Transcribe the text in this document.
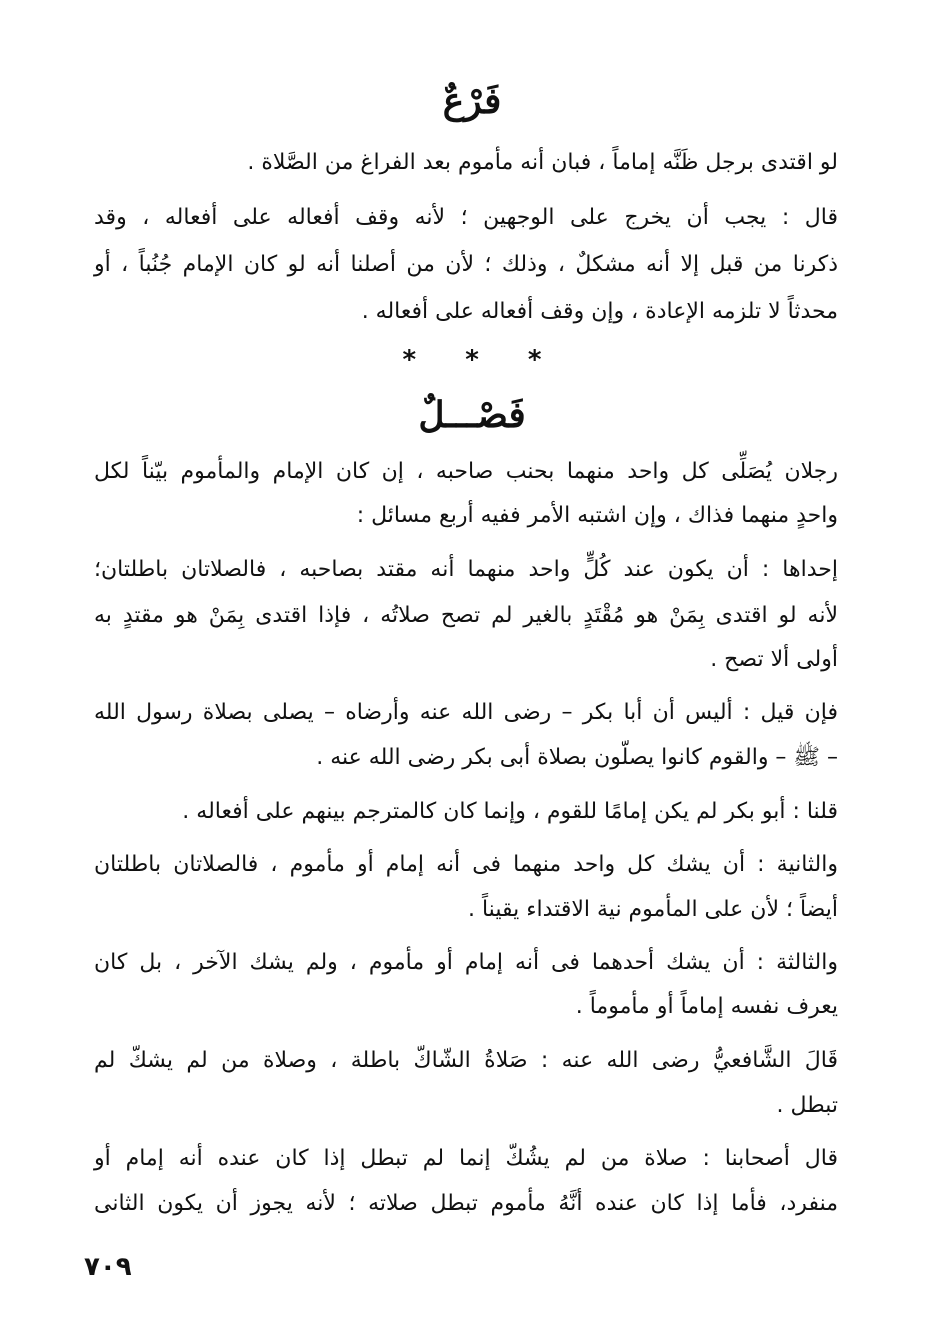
فَرْعٌ
لو اقتدى برجل ظَنَّه إماماً ، فبان أنه مأموم بعد الفراغ من الصَّلاة .
قال : يجب أن يخرج على الوجهين ؛ لأنه وقف أفعاله على أفعاله ، وقد
ذكرنا من قبل إلا أنه مشكلٌ ، وذلك ؛ لأن من أصلنا أنه لو كان الإمام جُنُباً ، أو
محدثاً لا تلزمه الإعادة ، وإن وقف أفعاله على أفعاله .
* * *
فَصْـــلٌ
رجلان يُصَلِّى كل واحد منهما بحنب صاحبه ، إن كان الإمام والمأموم بيّناً لكل
واحدٍ منهما فذاك ، وإن اشتبه الأمر ففيه أربع مسائل :
إحداها : أن يكون عند كُلٍّ واحد منهما أنه مقتد بصاحبه ، فالصلاتان باطلتان؛
لأنه لو اقتدى بِمَنْ هو مُقْتَدٍ بالغير لم تصح صلاتُه ، فإذا اقتدى بِمَنْ هو مقتدٍ به
أولى ألا تصح .
فإن قيل : أليس أن أبا بكر – رضى الله عنه وأرضاه – يصلى بصلاة رسول الله
– ﷺ – والقوم كانوا يصلّون بصلاة أبى بكر رضى الله عنه .
قلنا : أبو بكر لم يكن إمامًا للقوم ، وإنما كان كالمترجم بينهم على أفعاله .
والثانية : أن يشك كل واحد منهما فى أنه إمام أو مأموم ، فالصلاتان باطلتان
أيضاً ؛ لأن على المأموم نية الاقتداء يقيناً .
والثالثة : أن يشك أحدهما فى أنه إمام أو مأموم ، ولم يشك الآخر ، بل كان
يعرف نفسه إماماً أو مأموماً .
قَالَ الشَّافعيُّ رضى الله عنه : صَلاةُ الشّاكّ باطلة ، وصلاة من لم يشكّ لم
تبطل .
قال أصحابنا : صلاة من لم يشُكّ إنما لم تبطل إذا كان عنده أنه إمام أو
منفرد، فأما إذا كان عنده أنَّهُ مأموم تبطل صلاته ؛ لأنه يجوز أن يكون الثانى
٧٠٩
